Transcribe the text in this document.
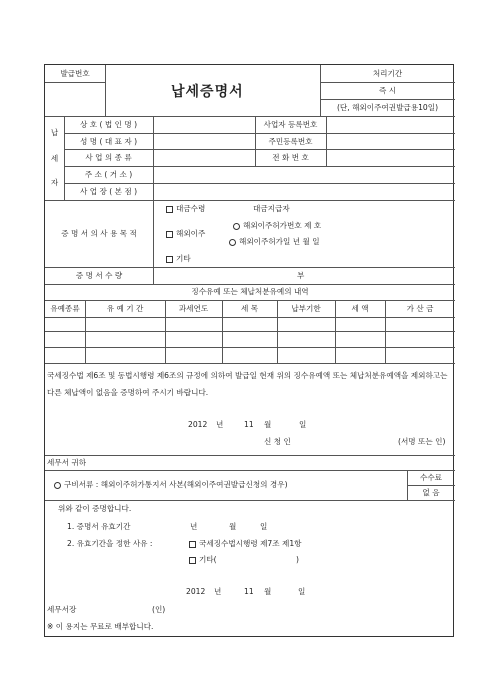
발급번호
납세증명서
처리기간
즉 시
(단, 해외이주여권발급용10일)
납
세
자
상 호 ( 법 인 명 )	사업자 등록번호
성 명 ( 대 표 자 )	주민등록번호
사 업 의 종 류	전 화 번 호
주 소 ( 거 소 )
사 업 장 ( 본 점 )
증 명 서 의 사 용 목 적
대금수령	대금지급자
해외이주
해외이주허가번호 제 호
해외이주허가일 년 월 일
기타
증 명 서 수 량	부
징수유예 또는 체납처분유예의 내역
유예종류	유 예 기 간	과세연도	세 목	납부기한	세 액	가 산 금
국세징수법 제6조 및 동법시행령 제6조의 규정에 의하여 발급일 현재 위의 징수유예액 또는 체납처분유예액을 제외하고는 다른 체납액이 없음을 증명하여 주시기 바랍니다.
2012 년	11 월	일
신 청 인	(서명 또는 인)
세무서 귀하
구비서류 : 해외이주허가통지서 사본(해외이주여권발급신청의 경우)
수수료
없 음
위와 같이 증명합니다.
1. 증명서 유효기간	년	월	일
2. 유효기간을 정한 사유 :	국세징수법시행령 제7조 제1항
기타(	)
2012 년	11 월	일
세무서장	(인)
※ 이 용지는 무료로 배부합니다.
